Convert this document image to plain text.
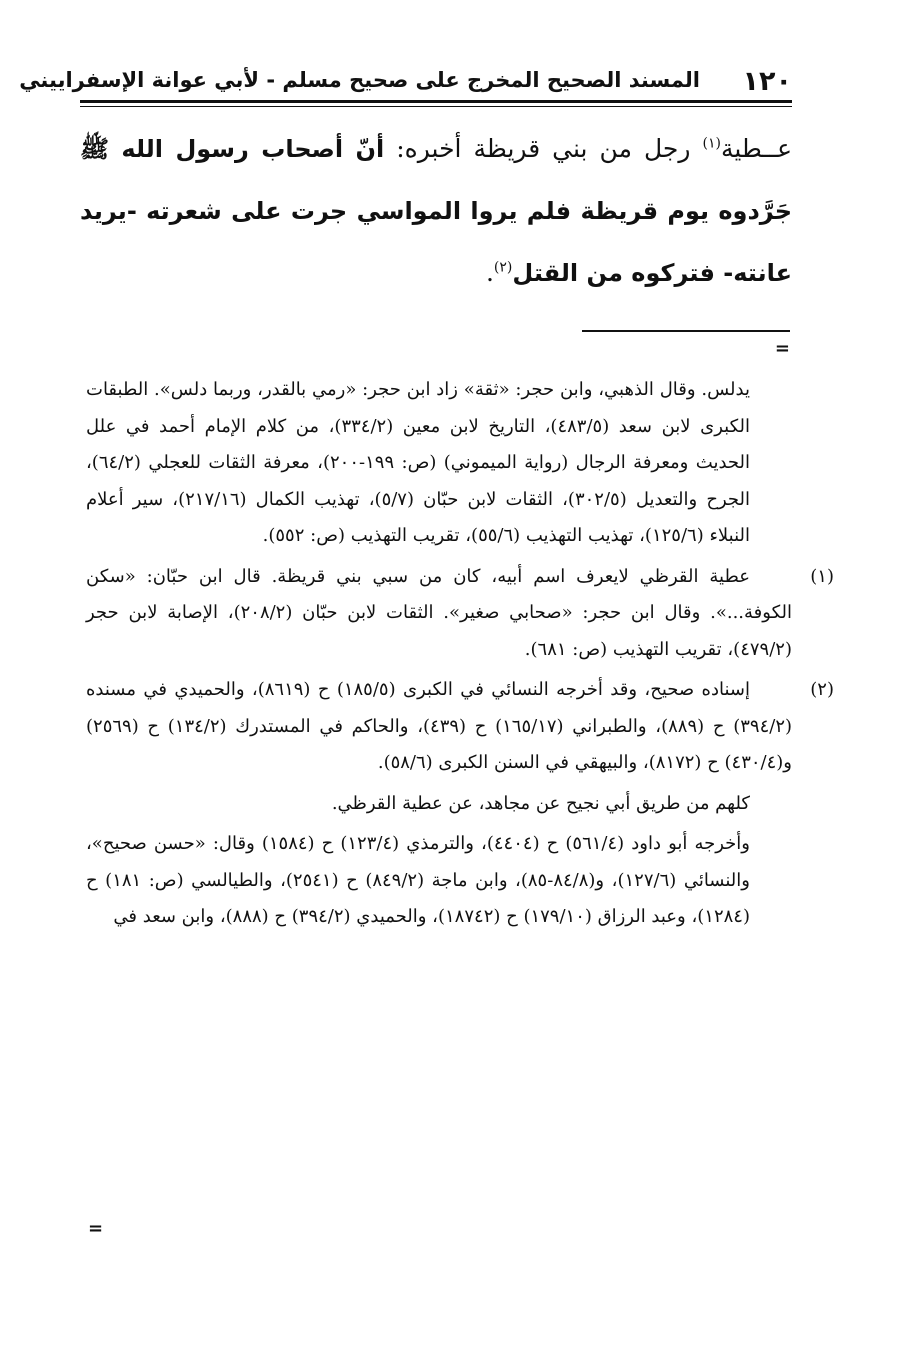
١٢٠
المسند الصحيح المخرج على صحيح مسلم - لأبي عوانة الإسفراييني

عــطية$^{(١)}$ رجل من بني قريظة أخبره: أنّ أصحاب رسول الله ﷺ جَرَّدوه يوم قريظة فلم يروا المواسي جرت على شعرته -يريد عانته- فتركوه من القتل$^{(٢)}$.

=

يدلس. وقال الذهبي، وابن حجر: «ثقة» زاد ابن حجر: «رمي بالقدر، وربما دلس». الطبقات الكبرى لابن سعد (٤٨٣/٥)، التاريخ لابن معين (٣٣٤/٢)، من كلام الإمام أحمد في علل الحديث ومعرفة الرجال (رواية الميموني) (ص: ١٩٩-٢٠٠)، معرفة الثقات للعجلي (٦٤/٢)، الجرح والتعديل (٣٠٢/٥)، الثقات لابن حبّان (٥/٧)، تهذيب الكمال (٢١٧/١٦)، سير أعلام النبلاء (١٢٥/٦)، تهذيب التهذيب (٥٥/٦)، تقريب التهذيب (ص: ٥٥٢).

(١)عطية القرظي لايعرف اسم أبيه، كان من سبي بني قريظة. قال ابن حبّان: «سكن الكوفة...». وقال ابن حجر: «صحابي صغير». الثقات لابن حبّان (٢٠٨/٢)، الإصابة لابن حجر (٤٧٩/٢)، تقريب التهذيب (ص: ٦٨١).

(٢)إسناده صحيح، وقد أخرجه النسائي في الكبرى (١٨٥/٥) ح (٨٦١٩)، والحميدي في مسنده (٣٩٤/٢) ح (٨٨٩)، والطبراني (١٦٥/١٧) ح (٤٣٩)، والحاكم في المستدرك (١٣٤/٢) ح (٢٥٦٩) و(٤٣٠/٤) ح (٨١٧٢)، والبيهقي في السنن الكبرى (٥٨/٦).

كلهم من طريق أبي نجيح عن مجاهد، عن عطية القرظي.

وأخرجه أبو داود (٥٦١/٤) ح (٤٤٠٤)، والترمذي (١٢٣/٤) ح (١٥٨٤) وقال: «حسن صحيح»، والنسائي (١٢٧/٦)، و(٨٤/٨-٨٥)، وابن ماجة (٨٤٩/٢) ح (٢٥٤١)، والطيالسي (ص: ١٨١) ح (١٢٨٤)، وعبد الرزاق (١٧٩/١٠) ح (١٨٧٤٢)، والحميدي (٣٩٤/٢) ح (٨٨٨)، وابن سعد في

=
